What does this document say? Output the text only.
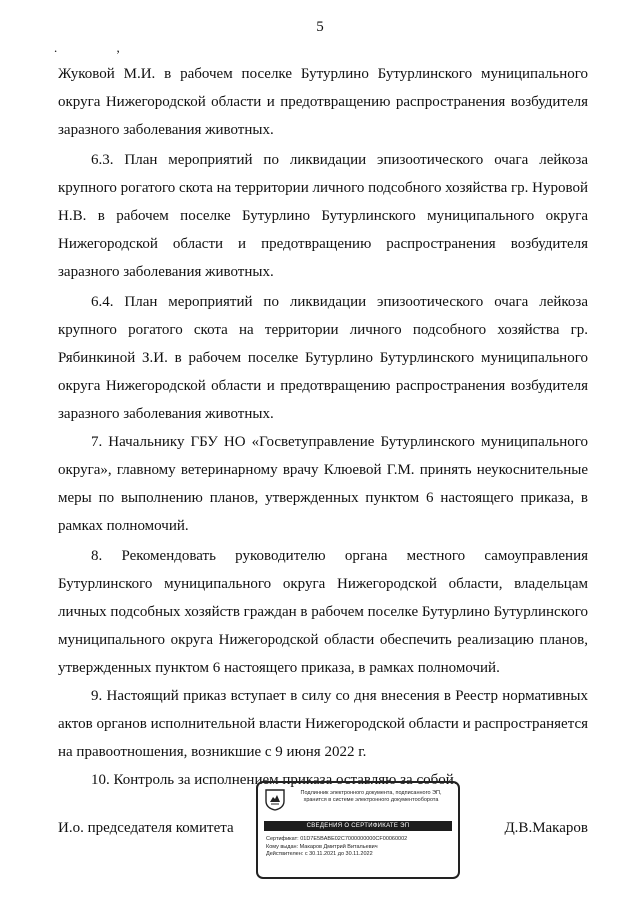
5
. ,

Жуковой М.И. в рабочем поселке Бутурлино Бутурлинского муниципального округа Нижегородской области и предотвращению распространения возбудителя заразного заболевания животных.

6.3. План мероприятий по ликвидации эпизоотического очага лейкоза крупного рогатого скота на территории личного подсобного хозяйства гр. Нуровой Н.В. в рабочем поселке Бутурлино Бутурлинского муниципального округа Нижегородской области и предотвращению распространения возбудителя заразного заболевания животных.

6.4. План мероприятий по ликвидации эпизоотического очага лейкоза крупного рогатого скота на территории личного подсобного хозяйства гр. Рябинкиной З.И. в рабочем поселке Бутурлино Бутурлинского муниципального округа Нижегородской области и предотвращению распространения возбудителя заразного заболевания животных.

7. Начальнику ГБУ НО «Госветуправление Бутурлинского муниципального округа», главному ветеринарному врачу Клюевой Г.М. принять неукоснительные меры по выполнению планов, утвержденных пунктом 6 настоящего приказа, в рамках полномочий.

8. Рекомендовать руководителю органа местного самоуправления Бутурлинского муниципального округа Нижегородской области, владельцам личных подсобных хозяйств граждан в рабочем поселке Бутурлино Бутурлинского муниципального округа Нижегородской области обеспечить реализацию планов, утвержденных пунктом 6 настоящего приказа, в рамках полномочий.

9. Настоящий приказ вступает в силу со дня внесения в Реестр нормативных актов органов исполнительной власти Нижегородской области и распространяется на правоотношения, возникшие с 9 июня 2022 г.

10. Контроль за исполнением приказа оставляю за собой.

И.о. председателя комитета	Д.В.Макаров
Подлинник электронного документа, подписанного ЭП, хранится в системе электронного документооборота
СВЕДЕНИЯ О СЕРТИФИКАТЕ ЭП
Сертификат: 01D7E5BABE02C7000000000CF00060002
Кому выдан: Макаров Дмитрий Витальевич
Действителен: с 30.11.2021 до 30.11.2022
